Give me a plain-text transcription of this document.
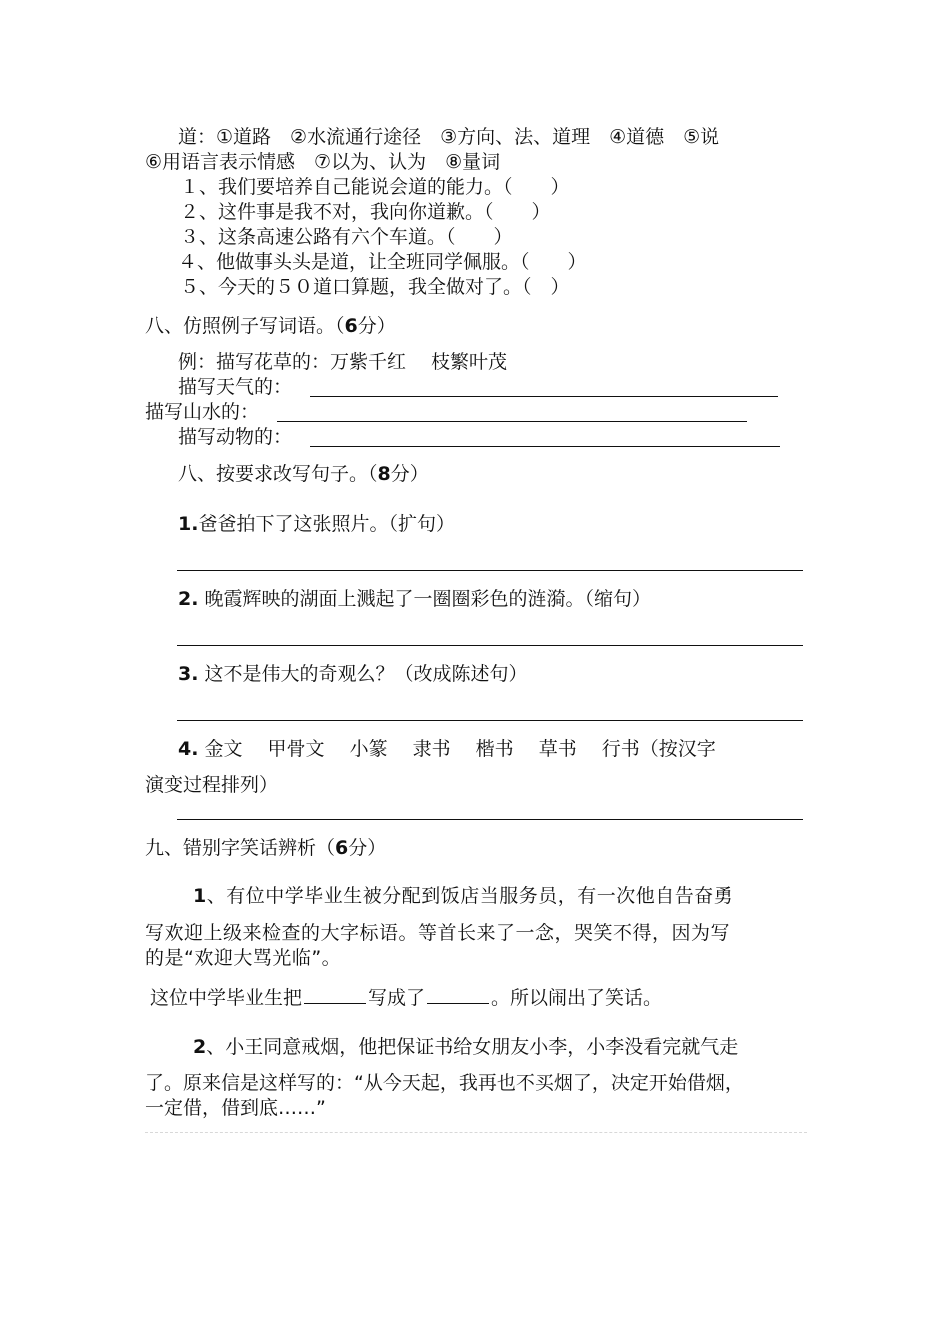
道：①道路　②水流通行途径　③方向、法、道理　④道德　⑤说
⑥用语言表示情感　⑦以为、认为　⑧量词
１、我们要培养自己能说会道的能力。（　　）
２、这件事是我不对，我向你道歉。（　　）
３、这条高速公路有六个车道。（　　）
４、他做事头头是道，让全班同学佩服。（　　）
５、今天的５０道口算题，我全做对了。（　）
八、仿照例子写词语。（6分）
例：描写花草的：万紫千红　 枝繁叶茂
描写天气的：
描写山水的：
描写动物的：
八、按要求改写句子。（8分）
1.爸爸拍下了这张照片。（扩句）
2. 晚霞辉映的湖面上溅起了一圈圈彩色的涟漪。（缩句）
3. 这不是伟大的奇观么？（改成陈述句）
4. 金文　 甲骨文　 小篆　 隶书　 楷书　 草书　 行书（按汉字
演变过程排列）
九、错别字笑话辨析（6分）
1、有位中学毕业生被分配到饭店当服务员，有一次他自告奋勇
写欢迎上级来检查的大字标语。等首长来了一念，哭笑不得，因为写
的是“欢迎大骂光临”。
这位中学毕业生把	写成了	。所以闹出了笑话。
2、小王同意戒烟，他把保证书给女朋友小李，小李没看完就气走
了。原来信是这样写的：“从今天起，我再也不买烟了，决定开始借烟，
一定借，借到底……”
